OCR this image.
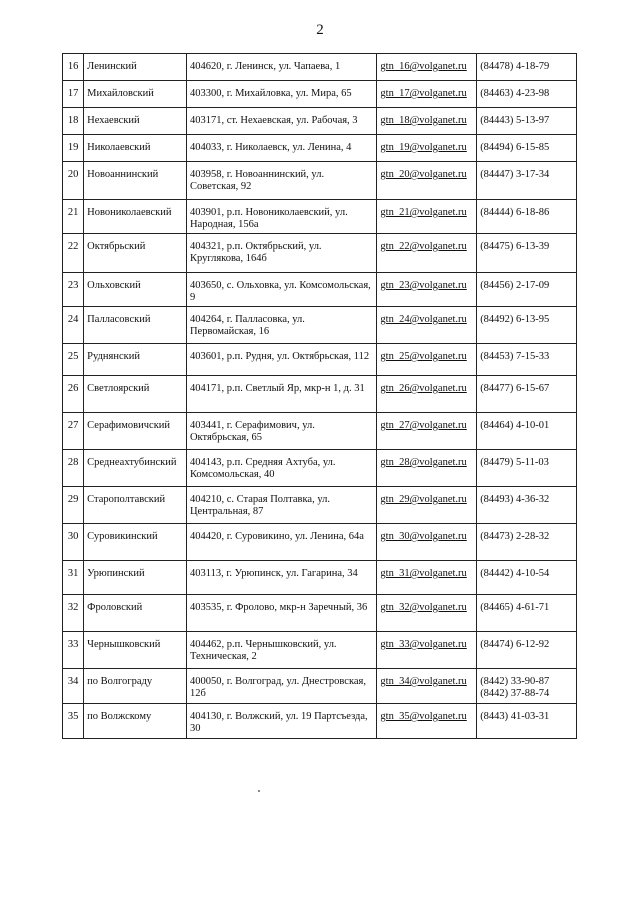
2
16	Ленинский	404620, г. Ленинск, ул. Чапаева, 1	gtn_16@volganet.ru	(84478) 4-18-79

17	Михайловский	403300, г. Михайловка, ул. Мира, 65	gtn_17@volganet.ru	(84463) 4-23-98

18	Нехаевский	403171, ст. Нехаевская, ул. Рабочая, 3	gtn_18@volganet.ru	(84443) 5-13-97

19	Николаевский	404033, г. Николаевск, ул. Ленина, 4	gtn_19@volganet.ru	(84494) 6-15-85

20	Новоаннинский	403958, г. Новоаннинский, ул. Советская, 92	gtn_20@volganet.ru	(84447) 3-17-34

21	Новониколаевский	403901, р.п. Новониколаевский, ул. Народная, 156а	gtn_21@volganet.ru	(84444) 6-18-86

22	Октябрьский	404321, р.п. Октябрьский, ул. Круглякова, 164б	gtn_22@volganet.ru	(84475) 6-13-39

23	Ольховский	403650, с. Ольховка, ул. Комсомольская, 9	gtn_23@volganet.ru	(84456) 2-17-09

24	Палласовский	404264, г. Палласовка, ул. Первомайская, 16	gtn_24@volganet.ru	(84492) 6-13-95

25	Руднянский	403601, р.п. Рудня, ул. Октябрьская, 112	gtn_25@volganet.ru	(84453) 7-15-33

26	Светлоярский	404171, р.п. Светлый Яр, мкр-н 1, д. 31	gtn_26@volganet.ru	(84477) 6-15-67

27	Серафимовичский	403441, г. Серафимович, ул. Октябрьская, 65	gtn_27@volganet.ru	(84464) 4-10-01

28	Среднеахтубинский	404143, р.п. Средняя Ахтуба, ул. Комсомольская, 40	gtn_28@volganet.ru	(84479) 5-11-03

29	Старополтавский	404210, с. Старая Полтавка, ул. Центральная, 87	gtn_29@volganet.ru	(84493) 4-36-32

30	Суровикинский	404420, г. Суровикино, ул. Ленина, 64а	gtn_30@volganet.ru	(84473) 2-28-32

31	Урюпинский	403113, г. Урюпинск, ул. Гагарина, 34	gtn_31@volganet.ru	(84442) 4-10-54

32	Фроловский	403535, г. Фролово, мкр-н Заречный, 36	gtn_32@volganet.ru	(84465) 4-61-71

33	Чернышковский	404462, р.п. Чернышковский, ул. Техническая, 2	gtn_33@volganet.ru	(84474) 6-12-92

34	по Волгограду	400050, г. Волгоград, ул. Днестровская, 12б	gtn_34@volganet.ru	(8442) 33-90-87
(8442) 37-88-74

35	по Волжскому	404130, г. Волжский, ул. 19 Партсъезда, 30	gtn_35@volganet.ru	(8443) 41-03-31
